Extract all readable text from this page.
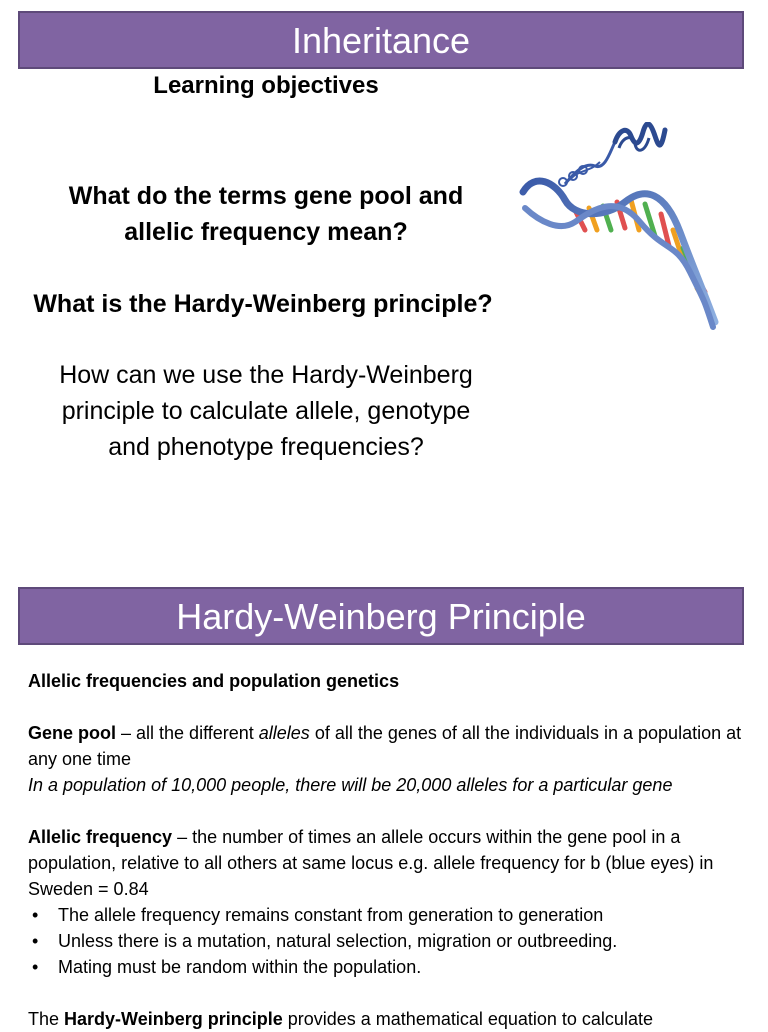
Inheritance
Learning objectives
What do the terms gene pool and
allelic frequency mean?
What is the Hardy-Weinberg principle?
How can we use the Hardy-Weinberg
principle to calculate allele, genotype
and phenotype frequencies?
Hardy-Weinberg Principle

Allelic frequencies and population genetics

Gene pool – all the different alleles of all the genes of all the individuals in a population at any one time

In a population of 10,000 people, there will be 20,000 alleles for a particular gene

Allelic frequency – the number of times an allele occurs within the gene pool in a population, relative to all others at same locus e.g. allele frequency for b (blue eyes) in Sweden = 0.84

• The allele frequency remains constant from generation to generation
• Unless there is a mutation, natural selection, migration or outbreeding.
• Mating must be random within the population.

The Hardy-Weinberg principle provides a mathematical equation to calculate
